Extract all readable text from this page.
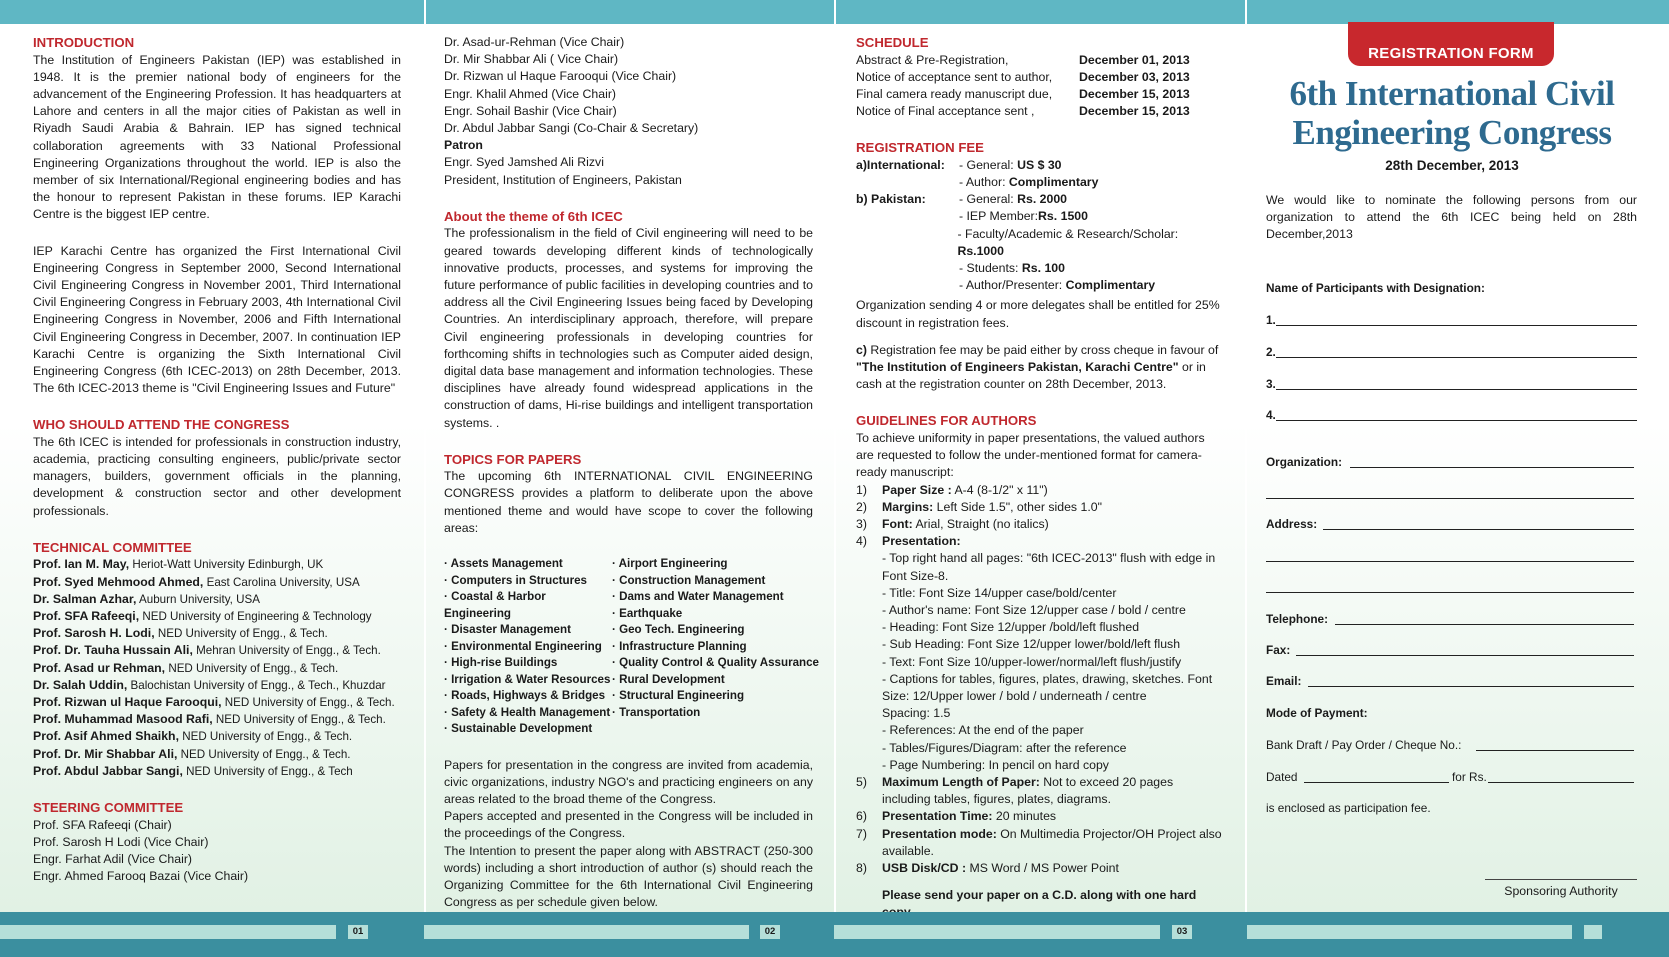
INTRODUCTION
The Institution of Engineers Pakistan (IEP) was established in 1948. It is the premier national body of engineers for the advancement of the Engineering Profession. It has headquarters at Lahore and centers in all the major cities of Pakistan as well in Riyadh Saudi Arabia & Bahrain. IEP has signed technical collaboration agreements with 33 National Professional Engineering Organizations throughout the world. IEP is also the member of six International/Regional engineering bodies and has the honour to represent Pakistan in these forums. IEP Karachi Centre is the biggest IEP centre.
IEP Karachi Centre has organized the First International Civil Engineering Congress in September 2000, Second International Civil Engineering Congress in November 2001, Third International Civil Engineering Congress in February 2003, 4th International Civil Engineering Congress in November, 2006 and Fifth International Civil Engineering Congress in December, 2007. In continuation IEP Karachi Centre is organizing the Sixth International Civil Engineering Congress (6th ICEC-2013) on 28th December, 2013. The 6th ICEC-2013 theme is "Civil Engineering Issues and Future"
WHO SHOULD ATTEND THE CONGRESS
The 6th ICEC is intended for professionals in construction industry, academia, practicing consulting engineers, public/private sector managers, builders, government officials in the planning, development & construction sector and other development professionals.
TECHNICAL COMMITTEE
Prof. Ian M. May, Heriot-Watt University Edinburgh, UK
Prof. Syed Mehmood Ahmed, East Carolina University, USA
Dr. Salman Azhar, Auburn University, USA
Prof. SFA Rafeeqi, NED University of Engineering & Technology
Prof. Sarosh H. Lodi, NED University of Engg., & Tech.
Prof. Dr. Tauha Hussain Ali, Mehran University of Engg., & Tech.
Prof. Asad ur Rehman, NED University of Engg., & Tech.
Dr. Salah Uddin, Balochistan University of Engg., & Tech., Khuzdar
Prof. Rizwan ul Haque Farooqui, NED University of Engg., & Tech.
Prof. Muhammad Masood Rafi, NED University of Engg., & Tech.
Prof. Asif Ahmed Shaikh, NED University of Engg., & Tech.
Prof. Dr. Mir Shabbar Ali, NED University of Engg., & Tech.
Prof. Abdul Jabbar Sangi, NED University of Engg., & Tech
STEERING COMMITTEE
Prof. SFA Rafeeqi (Chair)
Prof. Sarosh H Lodi (Vice Chair)
Engr. Farhat Adil (Vice Chair)
Engr. Ahmed Farooq Bazai (Vice Chair)
Dr. Asad-ur-Rehman (Vice Chair)
Dr. Mir Shabbar Ali ( Vice Chair)
Dr. Rizwan ul Haque Farooqui (Vice Chair)
Engr. Khalil Ahmed (Vice Chair)
Engr. Sohail Bashir (Vice Chair)
Dr. Abdul Jabbar Sangi (Co-Chair & Secretary)
Patron
Engr. Syed Jamshed Ali Rizvi
President, Institution of Engineers, Pakistan
About the theme of 6th ICEC
The professionalism in the field of Civil engineering will need to be geared towards developing different kinds of technologically innovative products, processes, and systems for improving the future performance of public facilities in developing countries and to address all the Civil Engineering Issues being faced by Developing Countries. An interdisciplinary approach, therefore, will prepare Civil engineering professionals in developing countries for forthcoming shifts in technologies such as Computer aided design, digital data base management and information technologies. These disciplines have already found widespread applications in the construction of dams, Hi-rise buildings and intelligent transportation systems. .
TOPICS FOR PAPERS
The upcoming 6th INTERNATIONAL CIVIL ENGINEERING CONGRESS provides a platform to deliberate upon the above mentioned theme and would have scope to cover the following areas:
· Assets Management
· Computers in Structures
· Coastal & Harbor Engineering
· Disaster Management
· Environmental Engineering
· High-rise Buildings
· Irrigation & Water Resources
· Roads, Highways & Bridges
· Safety & Health Management
· Sustainable Development
· Airport Engineering
· Construction Management
· Dams and Water Management
· Earthquake
· Geo Tech. Engineering
· Infrastructure Planning
· Quality Control & Quality Assurance
· Rural Development
· Structural Engineering
· Transportation
Papers for presentation in the congress are invited from academia, civic organizations, industry NGO's and practicing engineers on any areas related to the broad theme of the Congress.
Papers accepted and presented in the Congress will be included in the proceedings of the Congress.
The Intention to present the paper along with ABSTRACT (250-300 words) including a short introduction of author (s) should reach the Organizing Committee for the 6th International Civil Engineering Congress as per schedule given below.
SCHEDULE
Abstract & Pre-Registration,	December 01, 2013
Notice of acceptance sent to author,	December 03, 2013
Final camera ready manuscript due,	December 15, 2013
Notice of Final acceptance sent ,	December 15, 2013
REGISTRATION FEE
a)International:	- General: US $ 30
- Author: Complimentary
b) Pakistan:	- General: Rs. 2000
- IEP Member:Rs. 1500
- Faculty/Academic & Research/Scholar: Rs.1000
- Students: Rs. 100
- Author/Presenter: Complimentary
Organization sending 4 or more delegates shall be entitled for 25% discount in registration fees.
c) Registration fee may be paid either by cross cheque in favour of "The Institution of Engineers Pakistan, Karachi Centre" or in cash at the registration counter on 28th December, 2013.
GUIDELINES FOR AUTHORS
To achieve uniformity in paper presentations, the valued authors are requested to follow the under-mentioned format for camera-ready manuscript:
1)	Paper Size : A-4 (8-1/2" x 11")
2)	Margins: Left Side 1.5", other sides 1.0"
3)	Font: Arial, Straight (no italics)
4)	Presentation:
- Top right hand all pages: "6th ICEC-2013" flush with edge in Font Size-8.
- Title: Font Size 14/upper case/bold/center
- Author's name: Font Size 12/upper case / bold / centre
- Heading: Font Size 12/upper /bold/left flushed
- Sub Heading: Font Size 12/upper lower/bold/left flush
- Text: Font Size 10/upper-lower/normal/left flush/justify
- Captions for tables, figures, plates, drawing, sketches. Font Size: 12/Upper lower / bold / underneath / centre
Spacing: 1.5
- References: At the end of the paper
- Tables/Figures/Diagram: after the reference
- Page Numbering: In pencil on hard copy
5)	Maximum Length of Paper: Not to exceed 20 pages including tables, figures, plates, diagrams.
6)	Presentation Time: 20 minutes
7)	Presentation mode: On Multimedia Projector/OH Project also available.
8)	USB Disk/CD : MS Word / MS Power Point
Please send your paper on a C.D. along with one hard
REGISTRATION FORM
6th International Civil
Engineering Congress
28th December, 2013
We would like to nominate the following persons from our organization to attend the 6th ICEC being held on 28th December,2013
Name of Participants with Designation:
1.
2.
3.
4.
Organization:
Address:
Telephone:
Fax:
Email:
Mode of Payment:
Bank Draft / Pay Order / Cheque No.:
Dated	for Rs.
is enclosed as participation fee.
Sponsoring Authority
01	02	03
